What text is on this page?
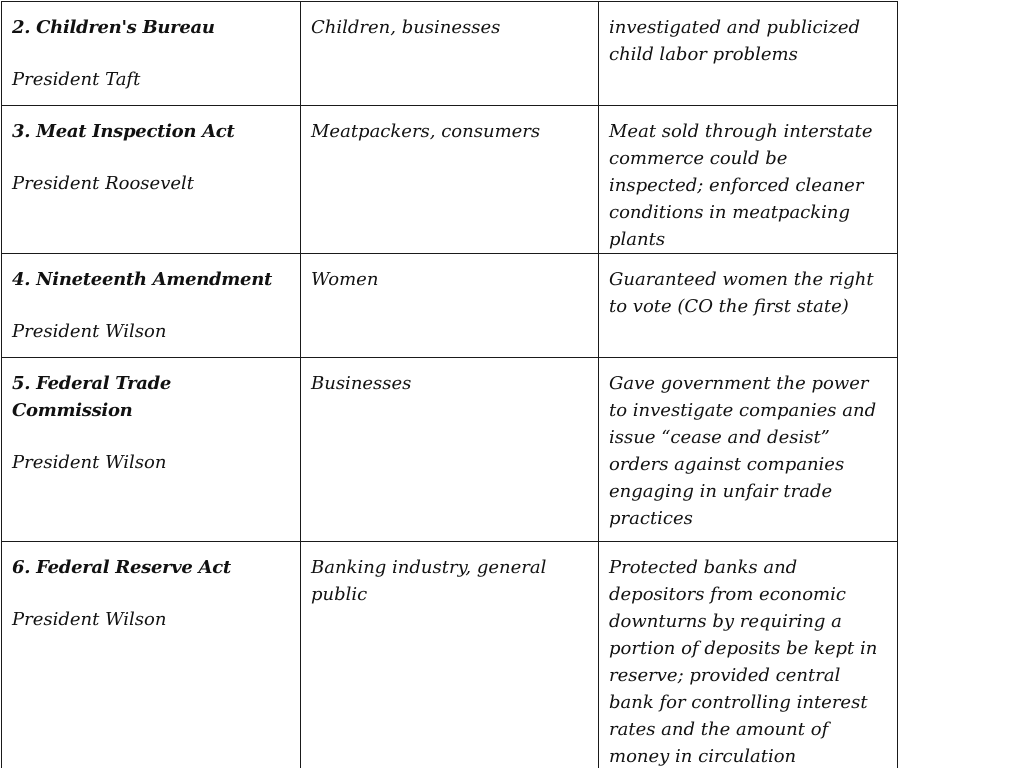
2. Children's Bureau
President Taft	Children, businesses	investigated and publicized child labor problems

3. Meat Inspection Act
President Roosevelt	Meatpackers, consumers	Meat sold through interstate commerce could be inspected; enforced cleaner conditions in meatpacking plants

4. Nineteenth Amendment
President Wilson	Women	Guaranteed women the right to vote (CO the first state)

5. Federal Trade Commission
President Wilson	Businesses	Gave government the power to investigate companies and issue “cease and desist” orders against companies engaging in unfair trade practices

6. Federal Reserve Act
President Wilson	Banking industry, general public	Protected banks and depositors from economic downturns by requiring a portion of deposits be kept in reserve; provided central bank for controlling interest rates and the amount of money in circulation
